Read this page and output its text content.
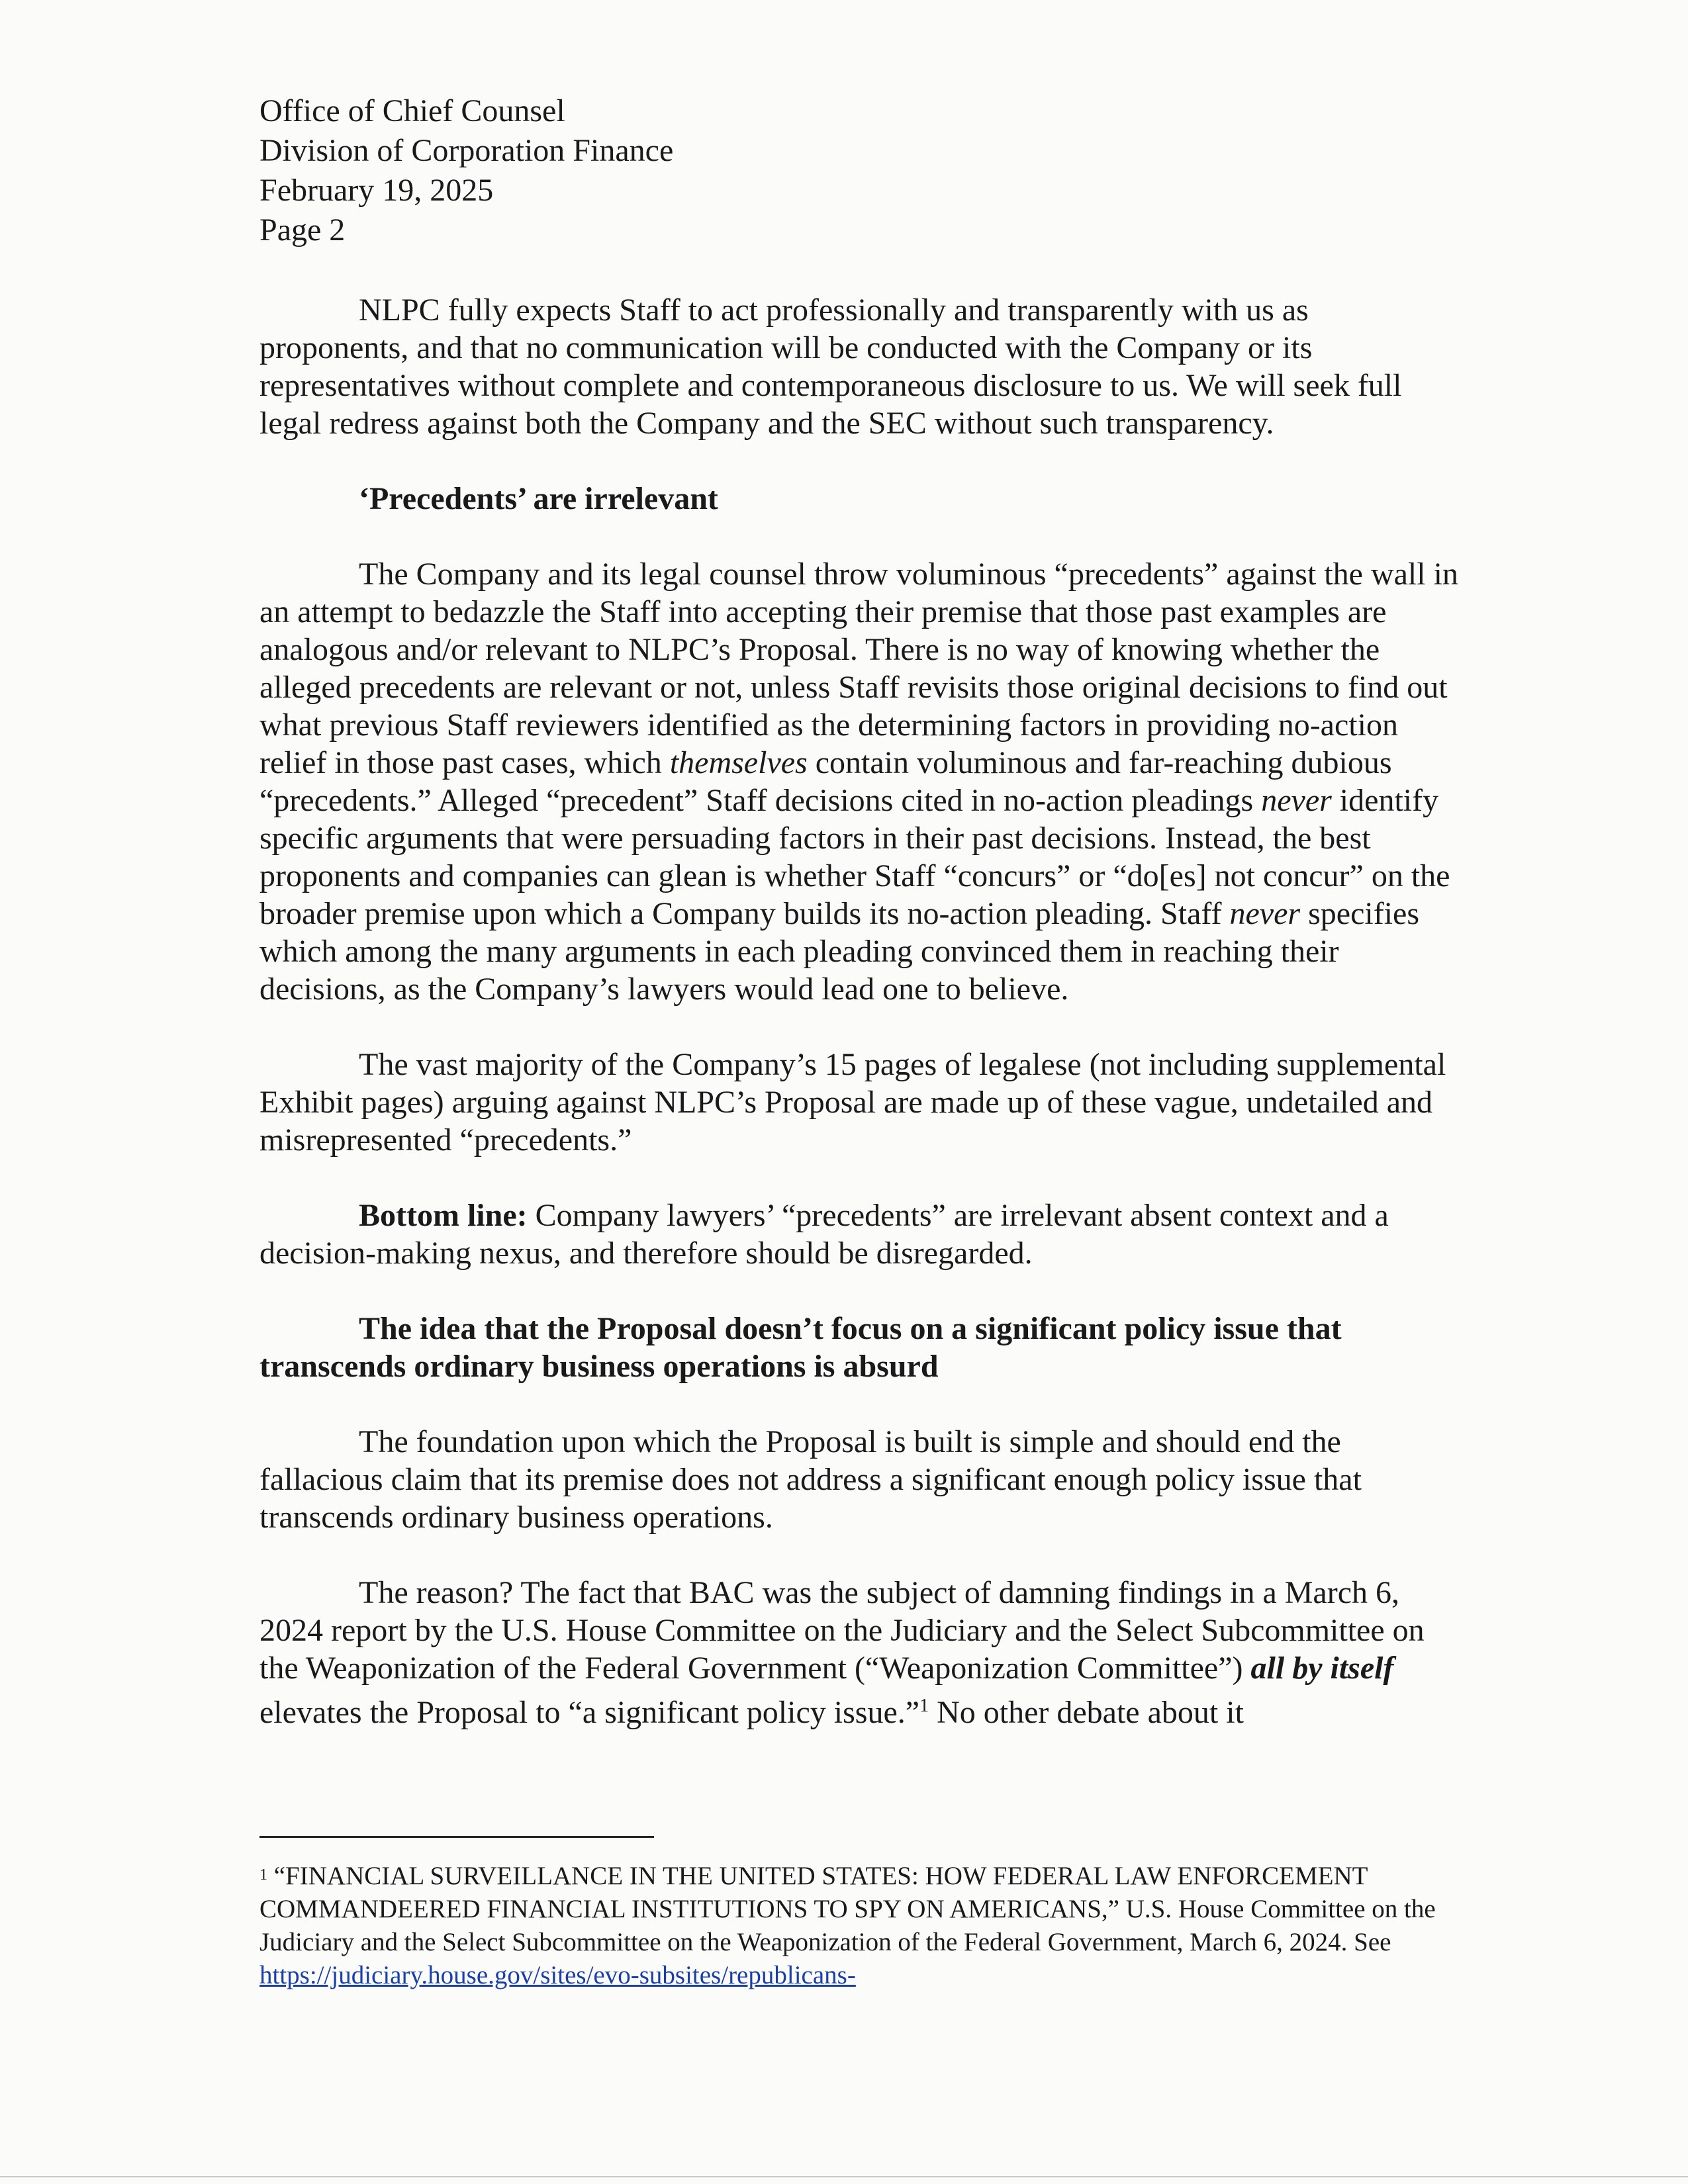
Office of Chief Counsel
Division of Corporation Finance
February 19, 2025
Page 2

NLPC fully expects Staff to act professionally and transparently with us as proponents, and that no communication will be conducted with the Company or its representatives without complete and contemporaneous disclosure to us. We will seek full legal redress against both the Company and the SEC without such transparency.

‘Precedents’ are irrelevant

The Company and its legal counsel throw voluminous “precedents” against the wall in an attempt to bedazzle the Staff into accepting their premise that those past examples are analogous and/or relevant to NLPC’s Proposal. There is no way of knowing whether the alleged precedents are relevant or not, unless Staff revisits those original decisions to find out what previous Staff reviewers identified as the determining factors in providing no-action relief in those past cases, which themselves contain voluminous and far-reaching dubious “precedents.” Alleged “precedent” Staff decisions cited in no-action pleadings never identify specific arguments that were persuading factors in their past decisions. Instead, the best proponents and companies can glean is whether Staff “concurs” or “do[es] not concur” on the broader premise upon which a Company builds its no-action pleading. Staff never specifies which among the many arguments in each pleading convinced them in reaching their decisions, as the Company’s lawyers would lead one to believe.

The vast majority of the Company’s 15 pages of legalese (not including supplemental Exhibit pages) arguing against NLPC’s Proposal are made up of these vague, undetailed and misrepresented “precedents.”

Bottom line: Company lawyers’ “precedents” are irrelevant absent context and a decision-making nexus, and therefore should be disregarded.

The idea that the Proposal doesn’t focus on a significant policy issue that transcends ordinary business operations is absurd

The foundation upon which the Proposal is built is simple and should end the fallacious claim that its premise does not address a significant enough policy issue that transcends ordinary business operations.

The reason? The fact that BAC was the subject of damning findings in a March 6, 2024 report by the U.S. House Committee on the Judiciary and the Select Subcommittee on the Weaponization of the Federal Government (“Weaponization Committee”) all by itself elevates the Proposal to “a significant policy issue.”$^1$ No other debate about it

$^1$ “FINANCIAL SURVEILLANCE IN THE UNITED STATES: HOW FEDERAL LAW ENFORCEMENT COMMANDEERED FINANCIAL INSTITUTIONS TO SPY ON AMERICANS,” U.S. House Committee on the Judiciary and the Select Subcommittee on the Weaponization of the Federal Government, March 6, 2024. See https://judiciary.house.gov/sites/evo-subsites/republicans-
